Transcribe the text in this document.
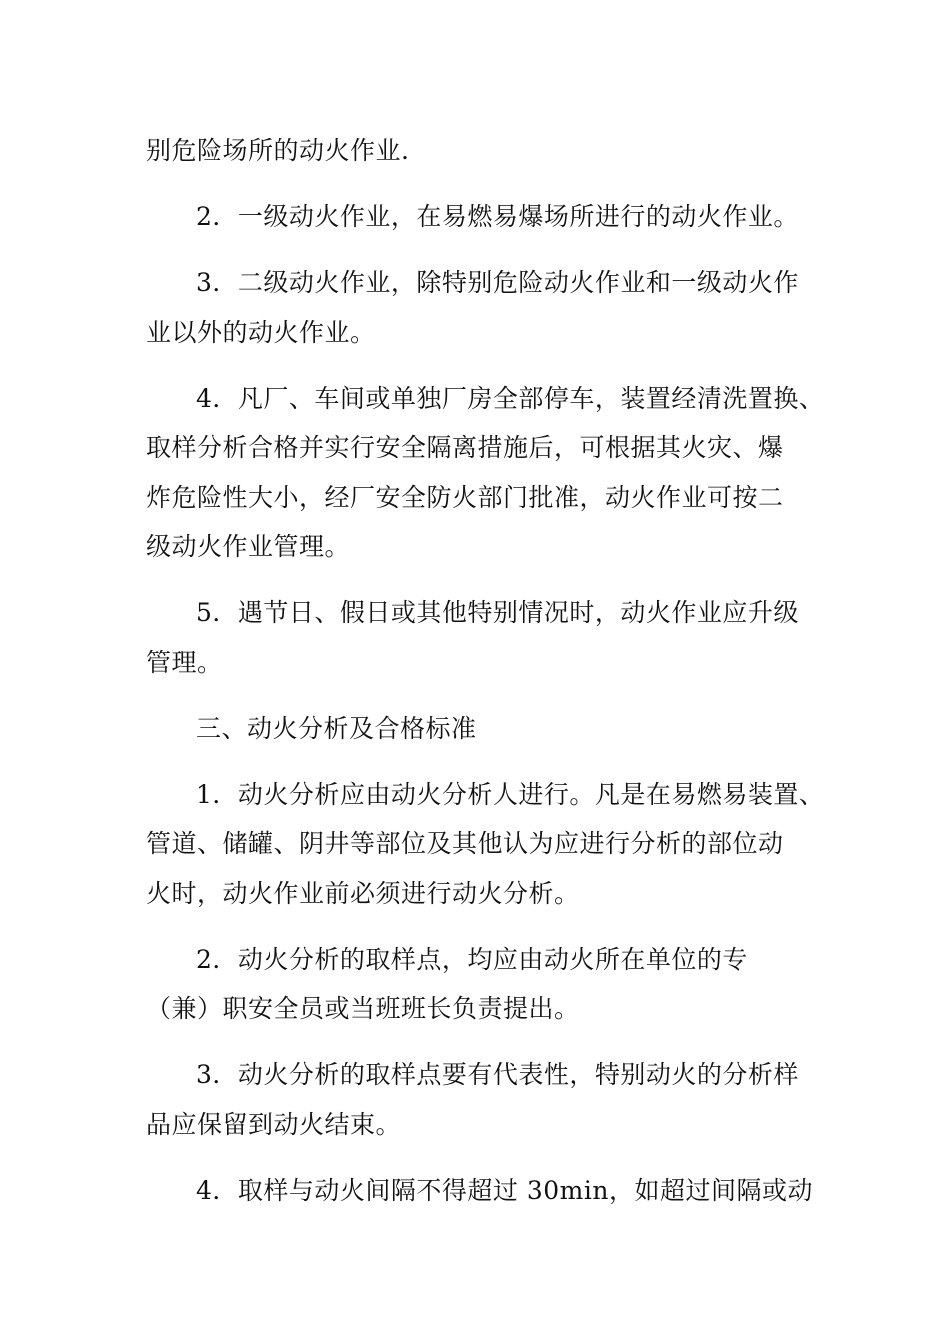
别危险场所的动火作业.
2．一级动火作业，在易燃易爆场所进行的动火作业。
3．二级动火作业，除特别危险动火作业和一级动火作
业以外的动火作业。
4．凡厂、车间或单独厂房全部停车，装置经清洗置换、
取样分析合格并实行安全隔离措施后，可根据其火灾、爆
炸危险性大小，经厂安全防火部门批准，动火作业可按二
级动火作业管理。
5．遇节日、假日或其他特别情况时，动火作业应升级
管理。
三、动火分析及合格标准
1．动火分析应由动火分析人进行。凡是在易燃易装置、
管道、储罐、阴井等部位及其他认为应进行分析的部位动
火时，动火作业前必须进行动火分析。
2．动火分析的取样点，均应由动火所在单位的专
（兼）职安全员或当班班长负责提出。
3．动火分析的取样点要有代表性，特别动火的分析样
品应保留到动火结束。
4．取样与动火间隔不得超过 30min，如超过间隔或动
